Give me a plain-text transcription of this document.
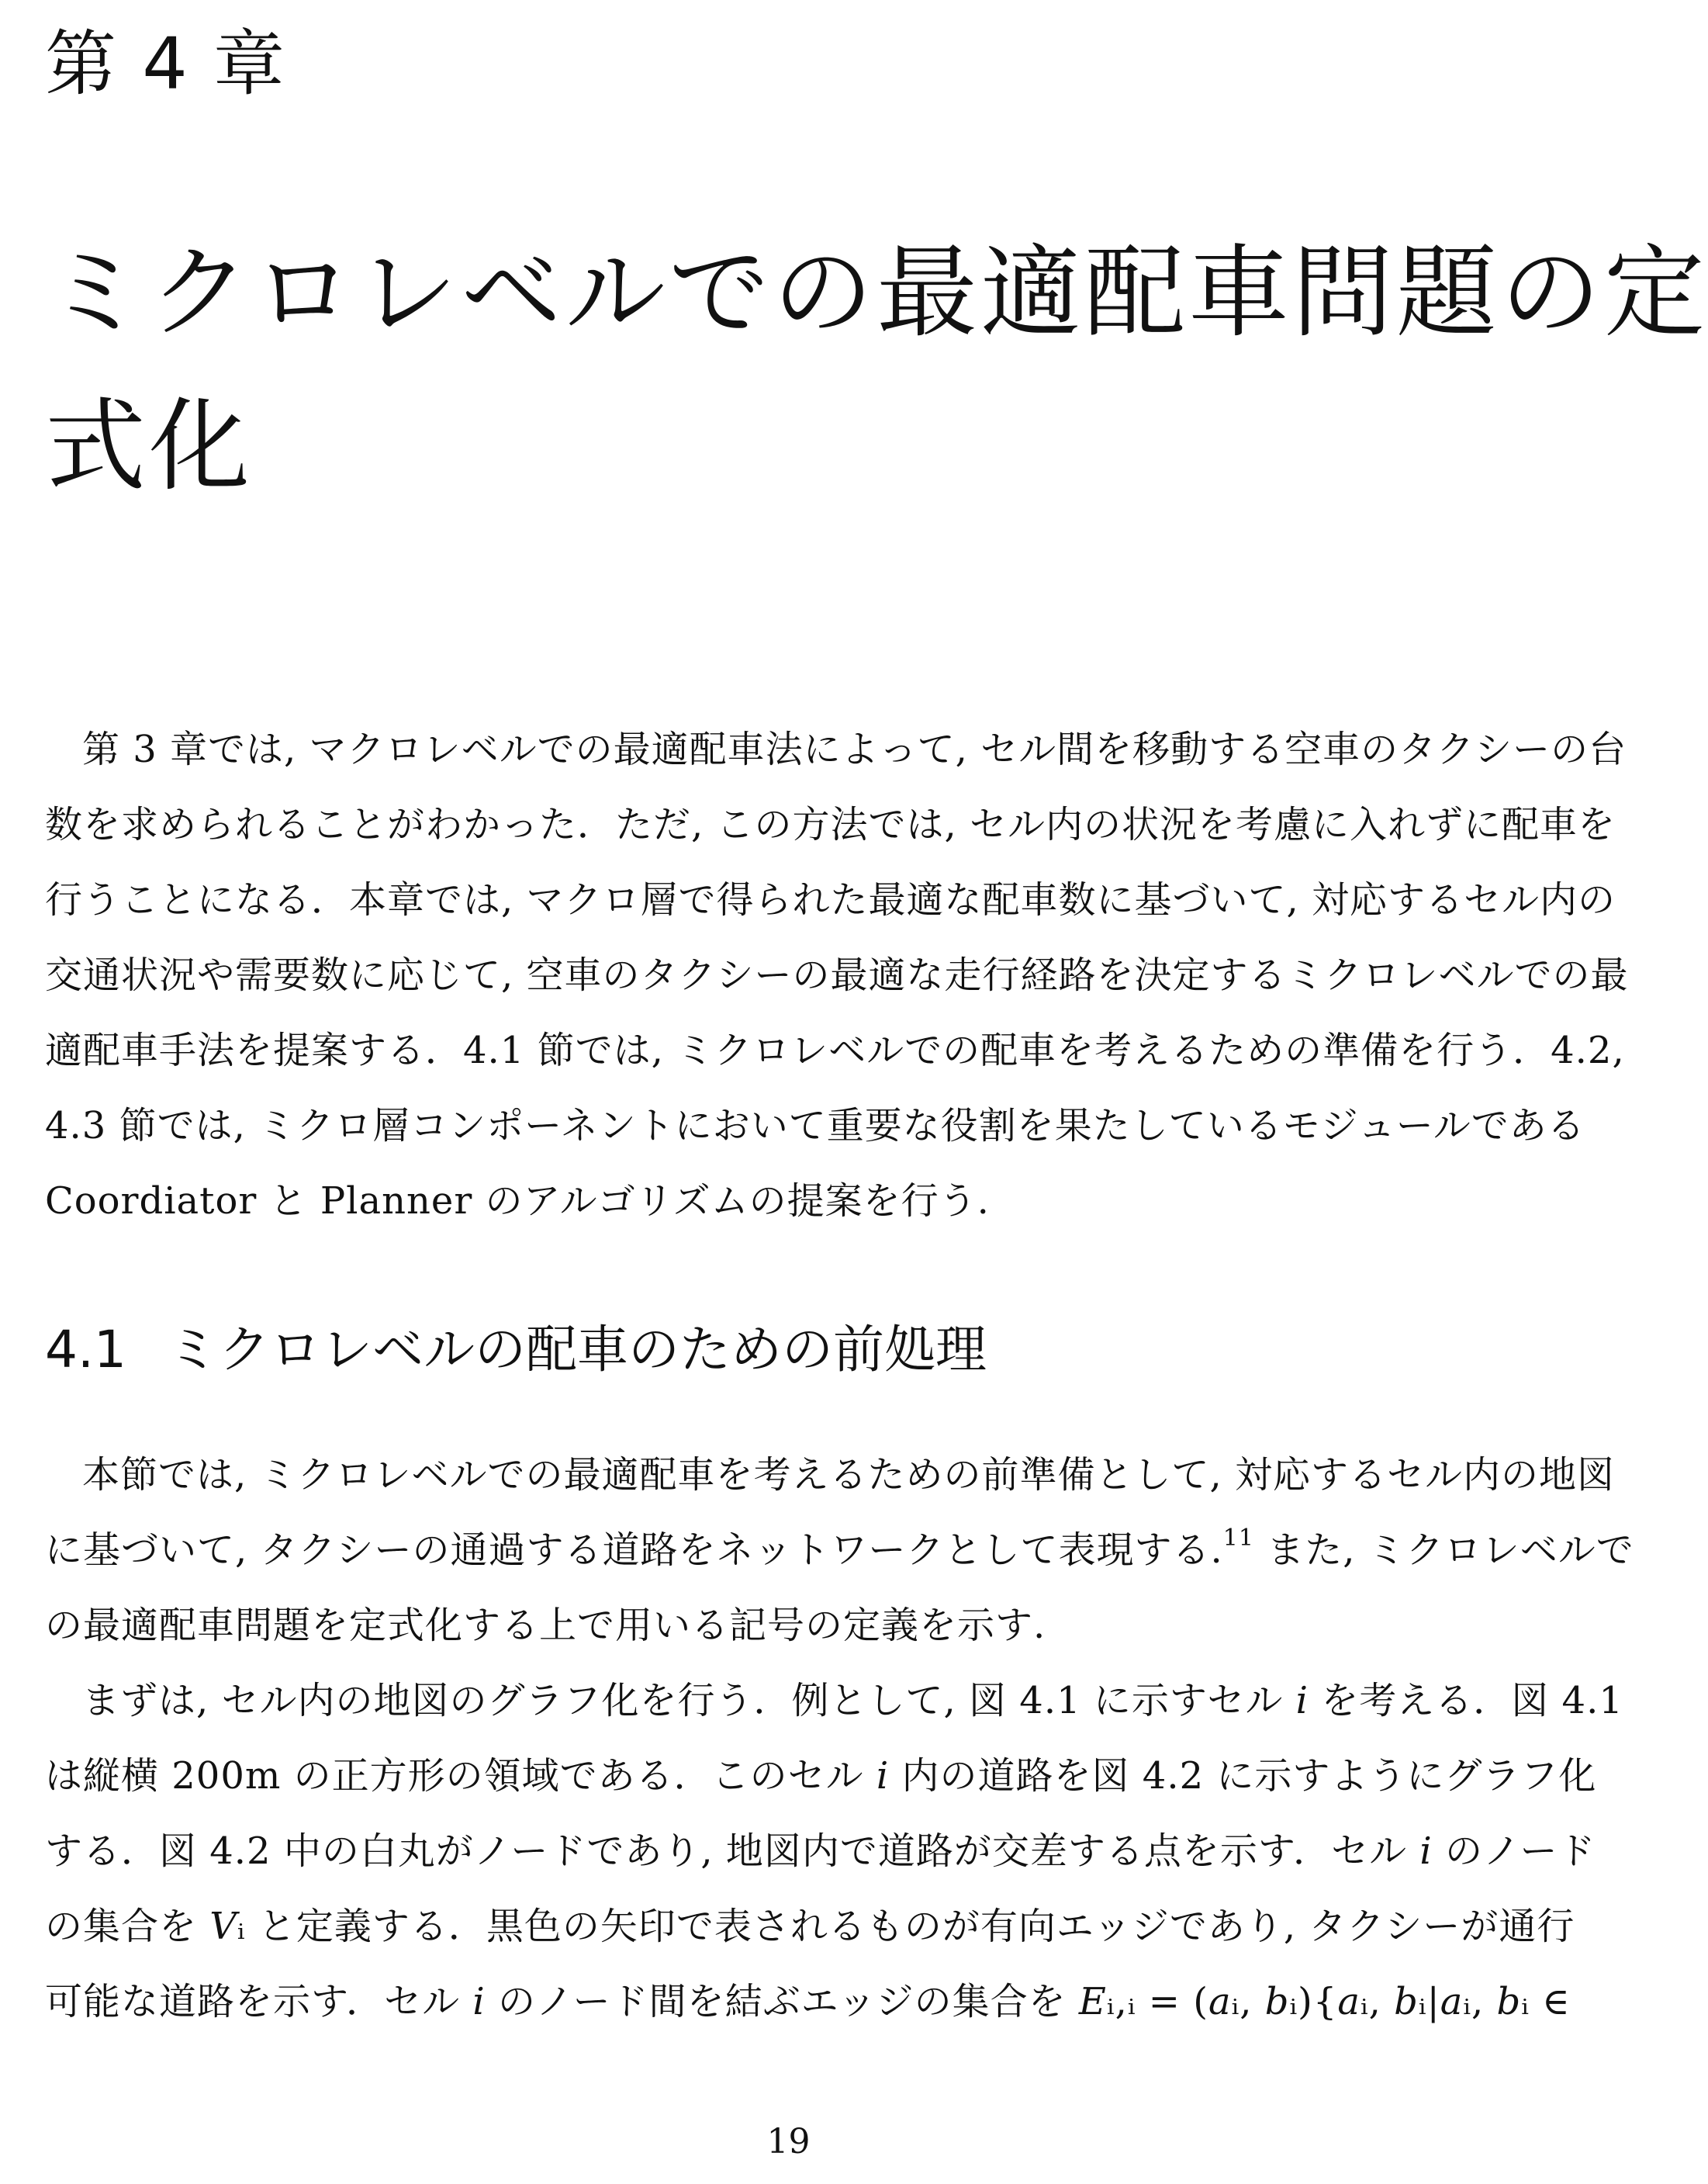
第 4 章
ミクロレベルでの最適配車問題の定
式化
第 3 章では, マクロレベルでの最適配車法によって, セル間を移動する空車のタクシーの台
数を求められることがわかった．ただ, この方法では, セル内の状況を考慮に入れずに配車を
行うことになる．本章では, マクロ層で得られた最適な配車数に基づいて, 対応するセル内の
交通状況や需要数に応じて, 空車のタクシーの最適な走行経路を決定するミクロレベルでの最
適配車手法を提案する．4.1 節では, ミクロレベルでの配車を考えるための準備を行う．4.2,
4.3 節では, ミクロ層コンポーネントにおいて重要な役割を果たしているモジュールである
Coordiator と Planner のアルゴリズムの提案を行う.
4.1 ミクロレベルの配車のための前処理
本節では, ミクロレベルでの最適配車を考えるための前準備として, 対応するセル内の地図
に基づいて, タクシーの通過する道路をネットワークとして表現する.$^{11}$ また, ミクロレベルで
の最適配車問題を定式化する上で用いる記号の定義を示す.
まずは, セル内の地図のグラフ化を行う．例として, 図 4.1 に示すセル 𝑖 を考える．図 4.1
は縦横 200m の正方形の領域である．このセル 𝑖 内の道路を図 4.2 に示すようにグラフ化
する．図 4.2 中の白丸がノードであり, 地図内で道路が交差する点を示す．セル 𝑖 のノード
の集合を 𝑉ᵢ と定義する．黒色の矢印で表されるものが有向エッジであり, タクシーが通行
可能な道路を示す．セル 𝑖 のノード間を結ぶエッジの集合を 𝐸ᵢ,ᵢ = (𝑎ᵢ, 𝑏ᵢ){𝑎ᵢ, 𝑏ᵢ|𝑎ᵢ, 𝑏ᵢ ∈
19
